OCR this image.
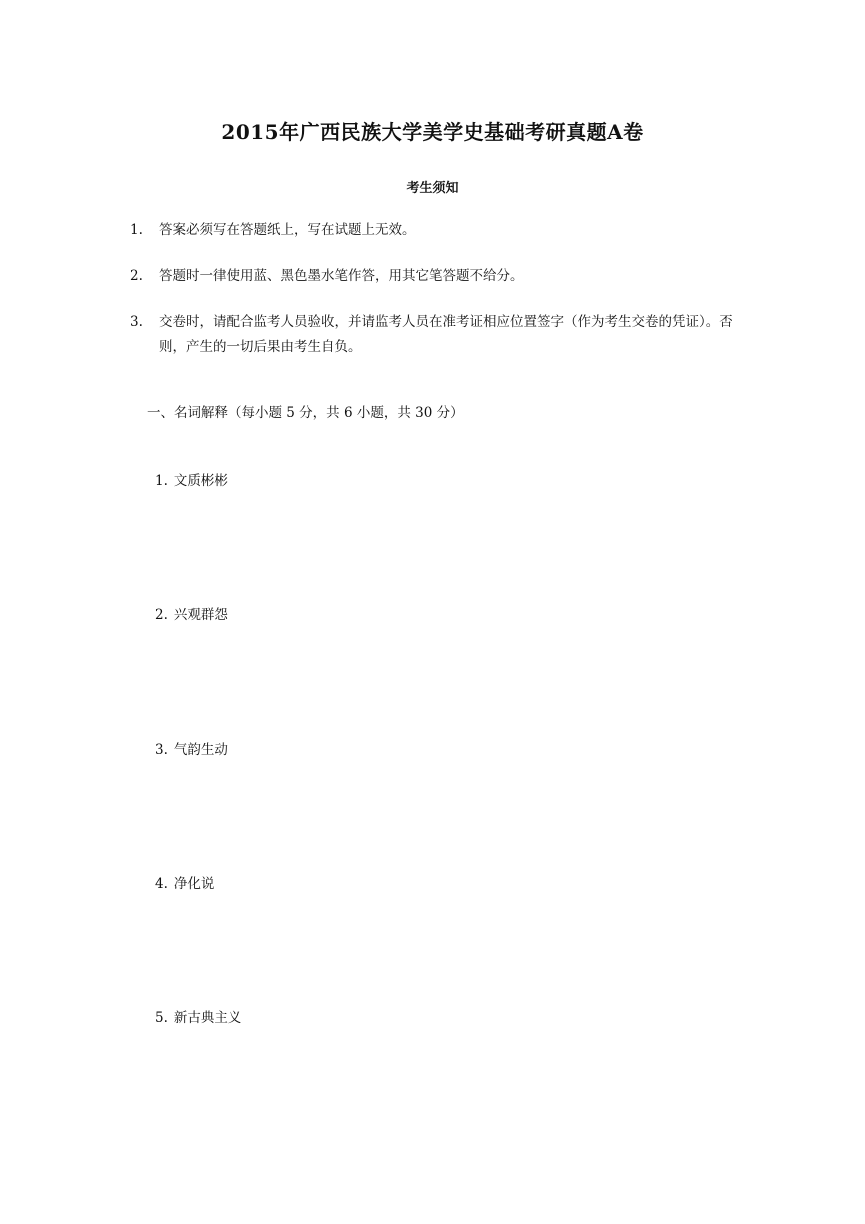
2015年广西民族大学美学史基础考研真题A卷
考生须知
1. 答案必须写在答题纸上，写在试题上无效。
2. 答题时一律使用蓝、黑色墨水笔作答，用其它笔答题不给分。
3. 交卷时，请配合监考人员验收，并请监考人员在准考证相应位置签字（作为考生交卷的凭证）。否则，产生的一切后果由考生自负。
一、名词解释（每小题 5 分，共 6 小题，共 30 分）
1. 文质彬彬
2. 兴观群怨
3. 气韵生动
4. 净化说
5. 新古典主义
